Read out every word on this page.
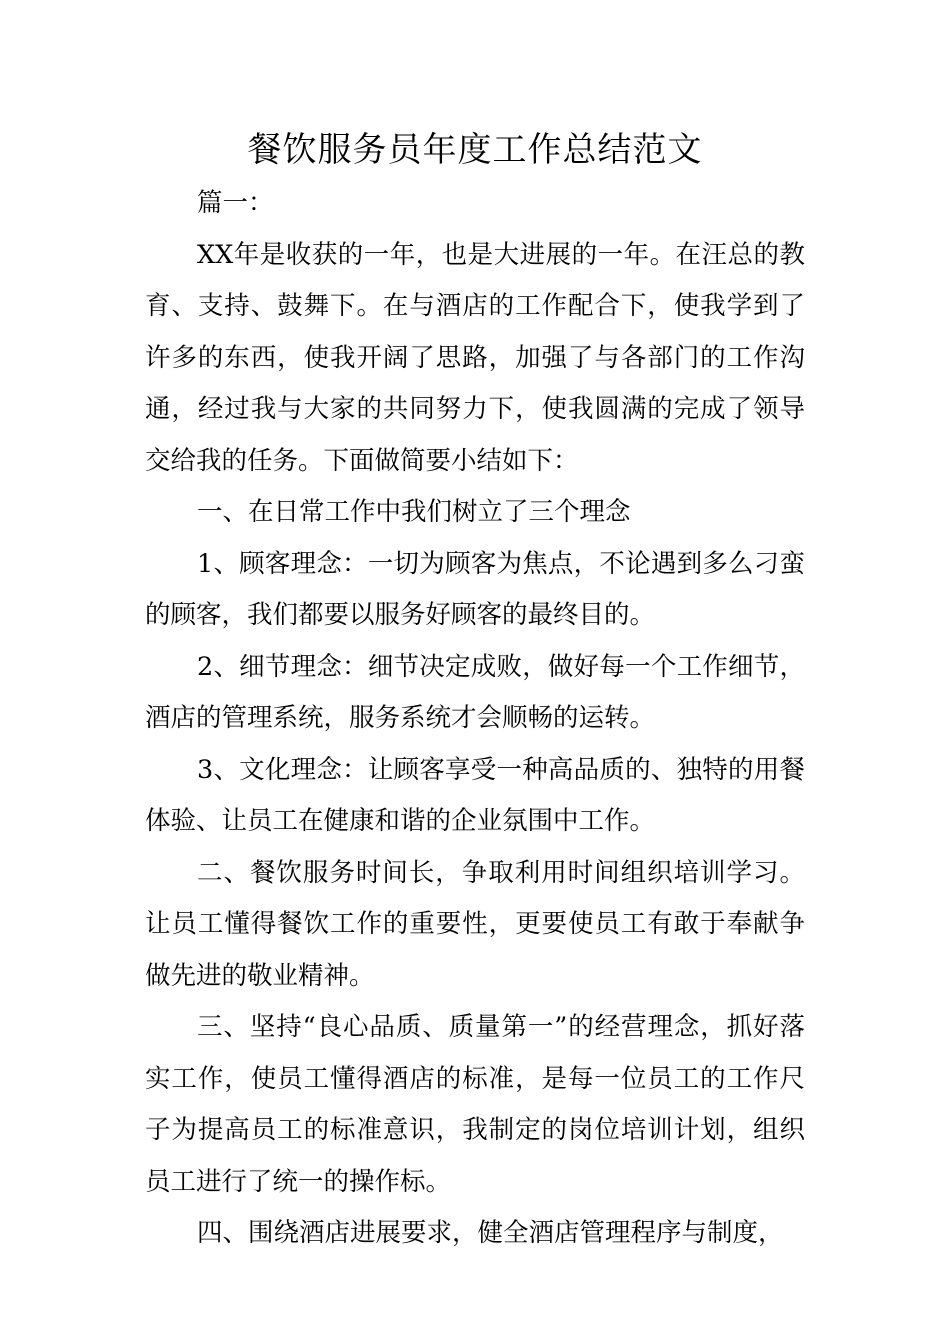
餐饮服务员年度工作总结范文

篇一：

XX年是收获的一年，也是大进展的一年。在汪总的教育、支持、鼓舞下。在与酒店的工作配合下，使我学到了许多的东西，使我开阔了思路，加强了与各部门的工作沟通，经过我与大家的共同努力下，使我圆满的完成了领导交给我的任务。下面做简要小结如下：

一、在日常工作中我们树立了三个理念

1、顾客理念：一切为顾客为焦点，不论遇到多么刁蛮的顾客，我们都要以服务好顾客的最终目的。

2、细节理念：细节决定成败，做好每一个工作细节，酒店的管理系统，服务系统才会顺畅的运转。

3、文化理念：让顾客享受一种高品质的、独特的用餐体验、让员工在健康和谐的企业氛围中工作。

二、餐饮服务时间长，争取利用时间组织培训学习。让员工懂得餐饮工作的重要性，更要使员工有敢于奉献争做先进的敬业精神。

三、坚持“良心品质、质量第一”的经营理念，抓好落实工作，使员工懂得酒店的标准，是每一位员工的工作尺子为提高员工的标准意识，我制定的岗位培训计划，组织员工进行了统一的操作标。

四、围绕酒店进展要求，健全酒店管理程序与制度，
